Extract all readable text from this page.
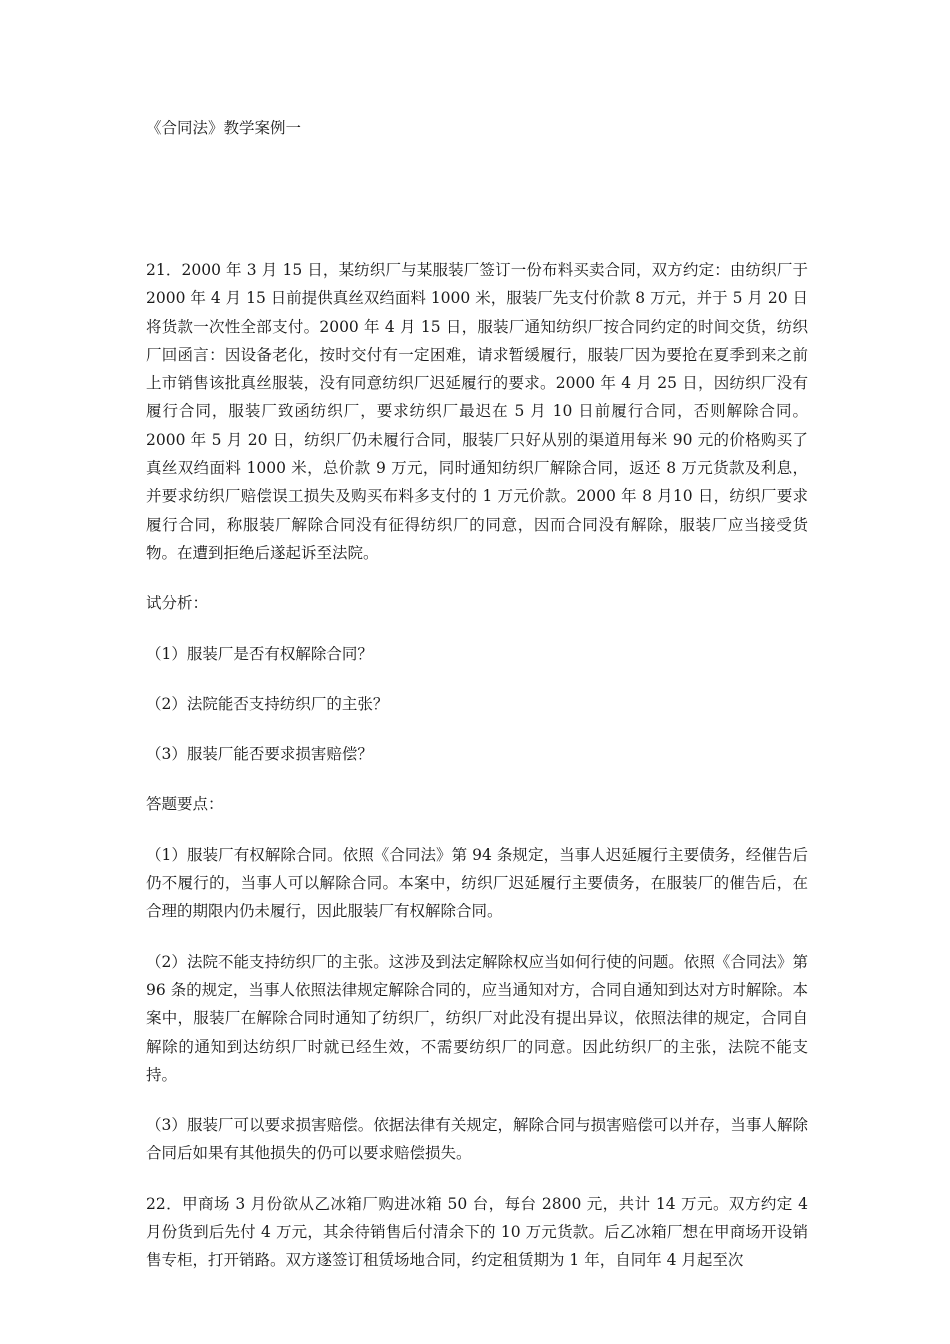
《合同法》教学案例一

21．2000 年 3 月 15 日，某纺织厂与某服装厂签订一份布料买卖合同，双方约定：由纺织厂于 2000 年 4 月 15 日前提供真丝双绉面料 1000 米，服装厂先支付价款 8 万元，并于 5 月 20 日将货款一次性全部支付。2000 年 4 月 15 日，服装厂通知纺织厂按合同约定的时间交货，纺织厂回函言：因设备老化，按时交付有一定困难，请求暂缓履行，服装厂因为要抢在夏季到来之前上市销售该批真丝服装，没有同意纺织厂迟延履行的要求。2000 年 4 月 25 日，因纺织厂没有履行合同，服装厂致函纺织厂，要求纺织厂最迟在 5 月 10 日前履行合同，否则解除合同。2000 年 5 月 20 日，纺织厂仍未履行合同，服装厂只好从别的渠道用每米 90 元的价格购买了真丝双绉面料 1000 米，总价款 9 万元，同时通知纺织厂解除合同，返还 8 万元货款及利息，并要求纺织厂赔偿误工损失及购买布料多支付的 1 万元价款。2000 年 8 月10 日，纺织厂要求履行合同，称服装厂解除合同没有征得纺织厂的同意，因而合同没有解除，服装厂应当接受货物。在遭到拒绝后遂起诉至法院。

试分析：

（1）服装厂是否有权解除合同？

（2）法院能否支持纺织厂的主张？

（3）服装厂能否要求损害赔偿？

答题要点：

（1）服装厂有权解除合同。依照《合同法》第 94 条规定，当事人迟延履行主要债务，经催告后仍不履行的，当事人可以解除合同。本案中，纺织厂迟延履行主要债务，在服装厂的催告后，在合理的期限内仍未履行，因此服装厂有权解除合同。

（2）法院不能支持纺织厂的主张。这涉及到法定解除权应当如何行使的问题。依照《合同法》第 96 条的规定，当事人依照法律规定解除合同的，应当通知对方，合同自通知到达对方时解除。本案中，服装厂在解除合同时通知了纺织厂，纺织厂对此没有提出异议，依照法律的规定，合同自解除的通知到达纺织厂时就已经生效，不需要纺织厂的同意。因此纺织厂的主张，法院不能支持。

（3）服装厂可以要求损害赔偿。依据法律有关规定，解除合同与损害赔偿可以并存，当事人解除合同后如果有其他损失的仍可以要求赔偿损失。

22．甲商场 3 月份欲从乙冰箱厂购进冰箱 50 台，每台 2800 元，共计 14 万元。双方约定 4 月份货到后先付 4 万元，其余待销售后付清余下的 10 万元货款。后乙冰箱厂想在甲商场开设销售专柜，打开销路。双方遂签订租赁场地合同，约定租赁期为 1 年，自同年 4 月起至次
